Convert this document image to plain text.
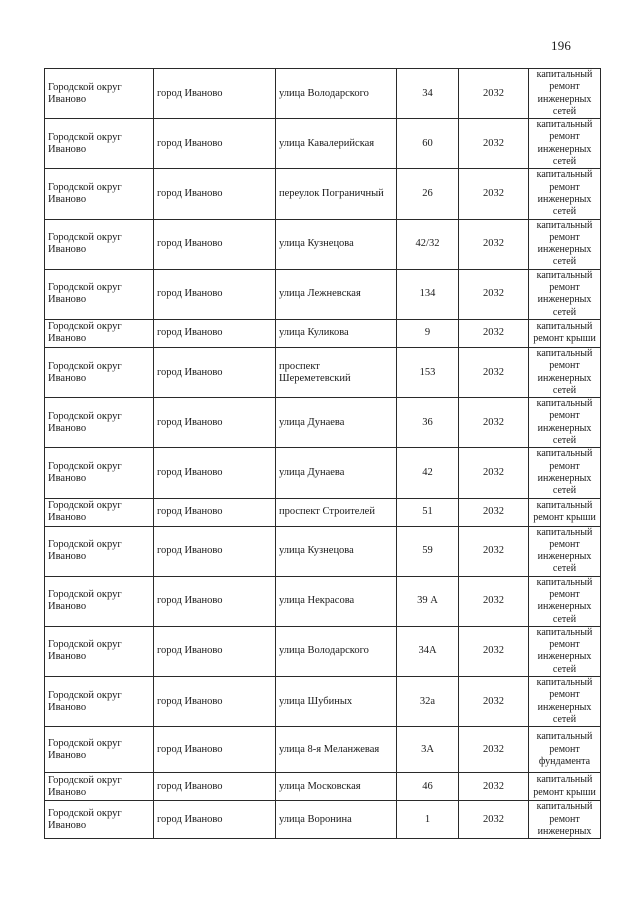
196
Городской округ Иваново	город Иваново	улица Володарского	34	2032	капитальный ремонт инженерных сетей
Городской округ Иваново	город Иваново	улица Кавалерийская	60	2032	капитальный ремонт инженерных сетей
Городской округ Иваново	город Иваново	переулок Пограничный	26	2032	капитальный ремонт инженерных сетей
Городской округ Иваново	город Иваново	улица Кузнецова	42/32	2032	капитальный ремонт инженерных сетей
Городской округ Иваново	город Иваново	улица Лежневская	134	2032	капитальный ремонт инженерных сетей
Городской округ Иваново	город Иваново	улица Куликова	9	2032	капитальный ремонт крыши
Городской округ Иваново	город Иваново	проспект Шереметевский	153	2032	капитальный ремонт инженерных сетей
Городской округ Иваново	город Иваново	улица Дунаева	36	2032	капитальный ремонт инженерных сетей
Городской округ Иваново	город Иваново	улица Дунаева	42	2032	капитальный ремонт инженерных сетей
Городской округ Иваново	город Иваново	проспект Строителей	51	2032	капитальный ремонт крыши
Городской округ Иваново	город Иваново	улица Кузнецова	59	2032	капитальный ремонт инженерных сетей
Городской округ Иваново	город Иваново	улица Некрасова	39 А	2032	капитальный ремонт инженерных сетей
Городской округ Иваново	город Иваново	улица Володарского	34А	2032	капитальный ремонт инженерных сетей
Городской округ Иваново	город Иваново	улица Шубиных	32а	2032	капитальный ремонт инженерных сетей
Городской округ Иваново	город Иваново	улица 8-я Меланжевая	3А	2032	капитальный ремонт фундамента
Городской округ Иваново	город Иваново	улица Московская	46	2032	капитальный ремонт крыши
Городской округ Иваново	город Иваново	улица Воронина	1	2032	капитальный ремонт инженерных
